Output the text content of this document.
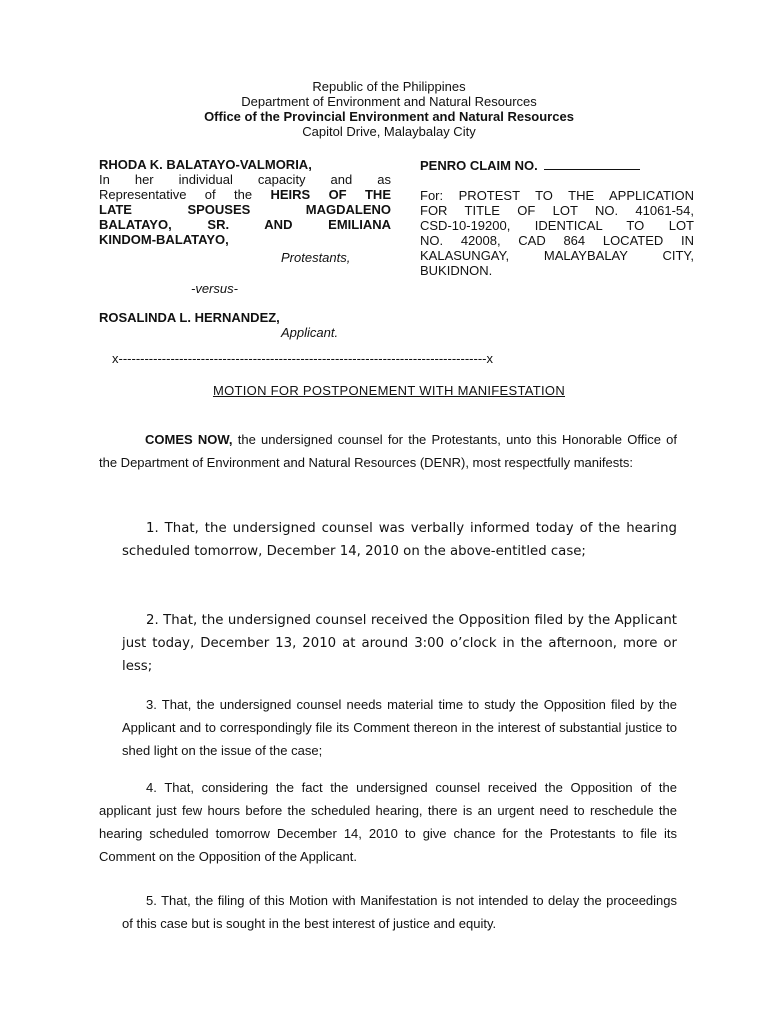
Republic of the Philippines
Department of Environment and Natural Resources
Office of the Provincial Environment and Natural Resources
Capitol Drive, Malaybalay City
RHODA K. BALATAYO-VALMORIA,
In her individual capacity and as
Representative of the HEIRS OF THE
LATE SPOUSES MAGDALENO
BALATAYO, SR. AND EMILIANA
KINDOM-BALATAYO,
Protestants,
-versus-
ROSALINDA L. HERNANDEZ,
Applicant.
PENRO CLAIM NO.
For: PROTEST TO THE APPLICATION
FOR TITLE OF LOT NO. 41061-54,
CSD-10-19200, IDENTICAL TO LOT
NO. 42008, CAD 864 LOCATED IN
KALASUNGAY, MALAYBALAY CITY,
BUKIDNON.
x-------------------------------------------------------------------------------------x
MOTION FOR POSTPONEMENT WITH MANIFESTATION
COMES NOW, the undersigned counsel for the Protestants, unto this Honorable Office of the Department of Environment and Natural Resources (DENR), most respectfully manifests:
1. That, the undersigned counsel was verbally informed today of the hearing scheduled tomorrow, December 14, 2010 on the above-entitled case;
2. That, the undersigned counsel received the Opposition filed by the Applicant just today, December 13, 2010 at around 3:00 o’clock in the afternoon, more or less;
3. That, the undersigned counsel needs material time to study the Opposition filed by the Applicant and to correspondingly file its Comment thereon in the interest of substantial justice to shed light on the issue of the case;
4. That, considering the fact the undersigned counsel received the Opposition of the applicant just few hours before the scheduled hearing, there is an urgent need to reschedule the hearing scheduled tomorrow December 14, 2010 to give chance for the Protestants to file its Comment on the Opposition of the Applicant.
5. That, the filing of this Motion with Manifestation is not intended to delay the proceedings of this case but is sought in the best interest of justice and equity.
